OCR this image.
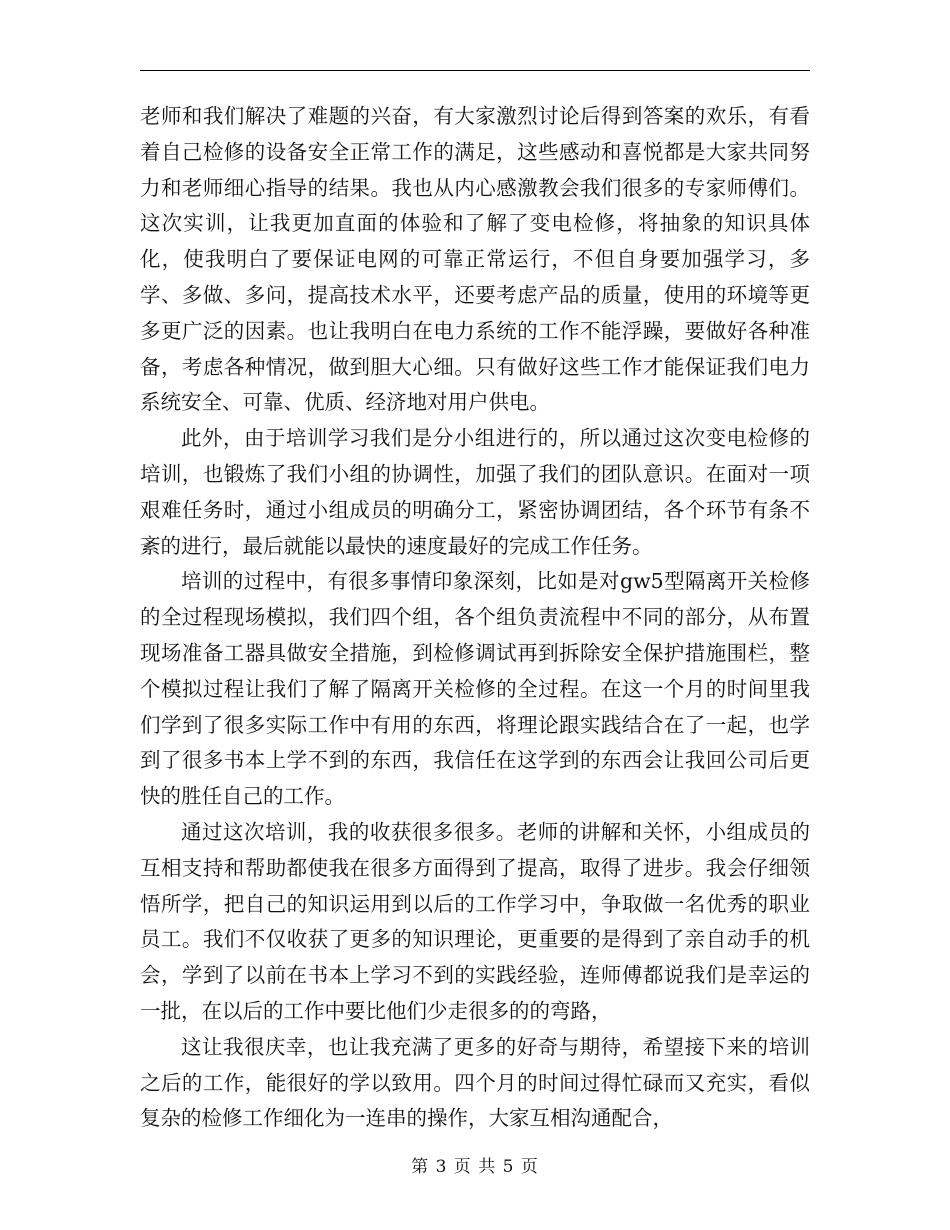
老师和我们解决了难题的兴奋，有大家激烈讨论后得到答案的欢乐，有看着自己检修的设备安全正常工作的满足，这些感动和喜悦都是大家共同努力和老师细心指导的结果。我也从内心感激教会我们很多的专家师傅们。这次实训，让我更加直面的体验和了解了变电检修，将抽象的知识具体化，使我明白了要保证电网的可靠正常运行，不但自身要加强学习，多学、多做、多问，提高技术水平，还要考虑产品的质量，使用的环境等更多更广泛的因素。也让我明白在电力系统的工作不能浮躁，要做好各种准备，考虑各种情况，做到胆大心细。只有做好这些工作才能保证我们电力系统安全、可靠、优质、经济地对用户供电。

此外，由于培训学习我们是分小组进行的，所以通过这次变电检修的培训，也锻炼了我们小组的协调性，加强了我们的团队意识。在面对一项艰难任务时，通过小组成员的明确分工，紧密协调团结，各个环节有条不紊的进行，最后就能以最快的速度最好的完成工作任务。

培训的过程中，有很多事情印象深刻，比如是对gw5型隔离开关检修的全过程现场模拟，我们四个组，各个组负责流程中不同的部分，从布置现场准备工器具做安全措施，到检修调试再到拆除安全保护措施围栏，整个模拟过程让我们了解了隔离开关检修的全过程。在这一个月的时间里我们学到了很多实际工作中有用的东西，将理论跟实践结合在了一起，也学到了很多书本上学不到的东西，我信任在这学到的东西会让我回公司后更快的胜任自己的工作。

通过这次培训，我的收获很多很多。老师的讲解和关怀，小组成员的互相支持和帮助都使我在很多方面得到了提高，取得了进步。我会仔细领悟所学，把自己的知识运用到以后的工作学习中，争取做一名优秀的职业员工。我们不仅收获了更多的知识理论，更重要的是得到了亲自动手的机会，学到了以前在书本上学习不到的实践经验，连师傅都说我们是幸运的一批，在以后的工作中要比他们少走很多的的弯路，

这让我很庆幸，也让我充满了更多的好奇与期待，希望接下来的培训之后的工作，能很好的学以致用。四个月的时间过得忙碌而又充实，看似复杂的检修工作细化为一连串的操作，大家互相沟通配合，

第 3 页 共 5 页
